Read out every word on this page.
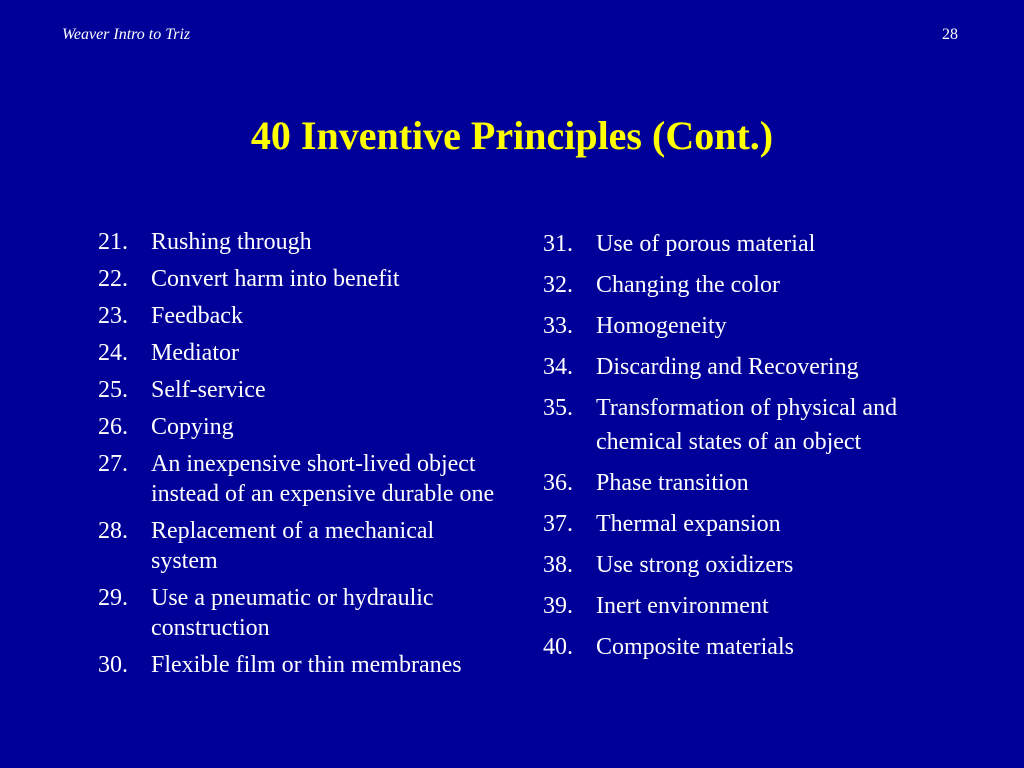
Weaver Intro to Triz	28
40 Inventive Principles (Cont.)
21. Rushing through
22. Convert harm into benefit
23. Feedback
24. Mediator
25. Self-service
26. Copying
27. An inexpensive short-lived object instead of an expensive durable one
28. Replacement of a mechanical system
29. Use a pneumatic or hydraulic construction
30. Flexible film or thin membranes
31. Use of porous material
32. Changing the color
33. Homogeneity
34. Discarding and Recovering
35. Transformation of physical and chemical states of an object
36. Phase transition
37. Thermal expansion
38. Use strong oxidizers
39. Inert environment
40. Composite materials
